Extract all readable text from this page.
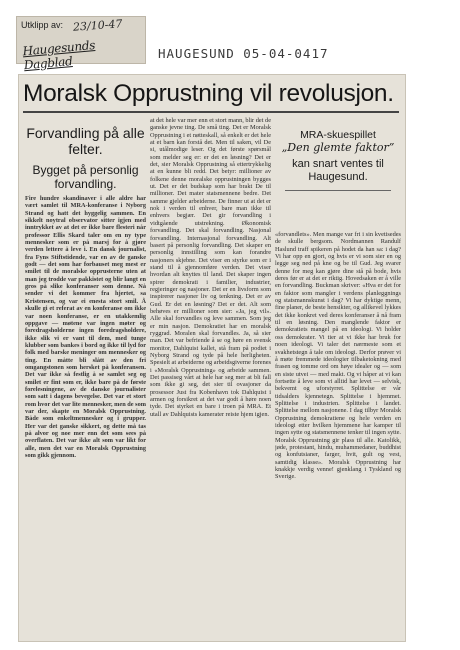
Utklipp av: 23/10-47
Haugesunds Dagblad
HAUGESUND 05-04-0417
Moralsk Opprustning vil revolusjon.
Forvandling på alle felter.
Bygget på personlig forvandling.

Fire hundre skandinaver i alle aldre har vært samlet til MRA-konferanse i Nyborg Strand og hatt det hyggelig sammen. En sikkelt noytral observator sitter igjen med inntrykket av at det er ikke bare flesteri når professor Ellis Skard taler om en ny type mennesker som er på marsj for å gjøre verden lettere å leve i. En dansk journalist, fra Fyns Stiftstidende, var en av de ganske godt — det som har forbauset meg mest er smilet til de moralske opprusterne uten at man jeg trodde var pakkistet og blir langt en gros på slike konferanser som denne. Nå sender vi det kommer fra hjertet, sa Kristensen, og var ei enesta stort smil. Å skulle gi et referat av en konferanse om ikke var noen konferanse, er en utakkemlig oppgave — møtene var ingen møter og foredragsholderne ingen foredragsholdere, ikke slik vi er vant til dem, med tunge klubber som bankes i bord og ikke til lyd for folk med barske meninger om mennesker og ting. En måtte bli slått av den fri omgangstonen som hersket på konferansen. Det var ikke så festlig å se samlet seg og smilet er fint som er, ikke bare på de første forelesningene, av de danske journalister som satt i dagens bevegelse. Det var et stort rom hvor det var lite mennesker, men de som var der, skapte en Moralsk Opprustning. Både som enkeltmennesker og i grupper. Her var det ganske sikkert, og dette må tas på alvor og noe mer enn det som sees på overflaten. Det var ikke alt som var likt for alle, men det var en Moralsk Opprustning som gikk gjennom.

at det hele var mer enn et stort mann, blir det de ganske jevne ting. De små ting. Det er Moralsk Opprustning i et nøtteskall, så enkelt er det hele at et barn kan forstå det. Men til saken, vil De si, utålmodige leser. Og det første spørsmål som melder seg er: er det en løsning? Det er det, sier Moralsk Opprustning så ettertrykkelig at en kunne bli redd. Det betyr: millioner av folkene denne moralske opprustningen bygges ut. Det er det budskap som har brakt De til millioner. Det mater statsmennene bedre. Det samme gjelder arbeiderne. De finner ut at det er nok i verden til enhver, bare man ikke til enhvers begjær. Det gir forvandling i vidtgående utstrekning. Økonomisk forvandling. Det skal forvandling. Nasjonal forvandling. Internasjonal forvandling. Alt basert på personlig forvandling. Det skaper en personlig innstilling som kan forandre nasjoners skjebne. Det viser en styrke som er i stand til å gjennomføre verden. Det viser hvordan alt knyttes til land. Det skaper ingen spirer demokrati i familier, industrier, regjeringer og nasjoner. Det er en livsform som inspirerer nasjoner liv og tenkning. Det er av Gud. Er det en løsning? Det er det. Alt som behøves er millioner som sier: «Ja, jeg vil». Alle skal forvandles og leve sammen. Som jeg er min nasjon. Demokratiet har en moralsk ryggrad. Moralen skal forvandles. Ja, så sier man. Det var befriende å se og høre en svensk monitor, Dahlquist kallet, stå fram på podiet i Nyborg Strand og tyde på hele herligheten. Spesielt at arbeiderne og arbeidsgiverne forenes i «Moralsk Opprustning» og arbeide sammen. Det passiseg vårt at hele har seg mer at bli fall som ikke gi seg, det sier til ovasjoner da prosessor Just fra Kobenhavn tok Dahlquist i armen og forsikret at det var godt å høre noen tyde. Det styrket en bare i troen på MRA. Et utall av Dahlquists kamerater reiste hjem igjen.

MRA-skuespillet
„Den glemte faktor”
kan snart ventes til Haugesund.

«forvandlets». Men mange var fri i sin kvetisedes de skulle bergsom. Nordmannen Randulf Haslund traff spikeren på hodet da han sa: i dag? Vi har opp en gjort, og hvis er vi som sier en og legge seg ned på kne og be til Gud. Jeg svarer denne for meg kan gjøre dine stå på bode, hvis deres før er at det er riktig. Hovedsaken er å ville en forvandling. Buckman skriver: «Hva er det for en faktor som mangler i verdens planleggnings og statsmannskunst i dag? Vi har dyktige menn, fine planer, de beste hensikter, og allikevel lykkes det ikke konkret ved deres konferanser å nå fram til en løsning. Den manglende faktor er demokratiets mangel på en ideologi. Vi holder oss demokrater. Vi tier at vi ikke har bruk for noen ideologi. Vi taler det nærmeste som et svakhetstegn å tale om ideologi. Derfor prøver vi å møte fremmede ideologier tilbaketokning med frasen og tomme ord om høye idealer og — som en siste utvei — med makt. Og vi håper at vi kan fortsette å leve som vi alltid har levet — selvisk, bekvemt og uforstyrret. Splittelse er vår tidsalders kjennetegn. Splittelse i hjemmet. Splittelse i industrien. Splittelse i landet. Splittelse mellom nasjonene. I dag tilbyr Moralsk Opprustning demokratiene og hele verden en ideologi etter hvilken hjemmene har kamper til ingen sytte og statsmennene tenker til ingen sytte. Moralsk Opprustning gir plass til alle. Katolikk, jøde, protestant, hindu, muhammedaner, buddhist og konfutsianer, farger, hvit, gult og vest, samtidig klasse». Moralsk Opprustning har knakkje verdig venne! gjenklang i Tyskland og Sverige.
